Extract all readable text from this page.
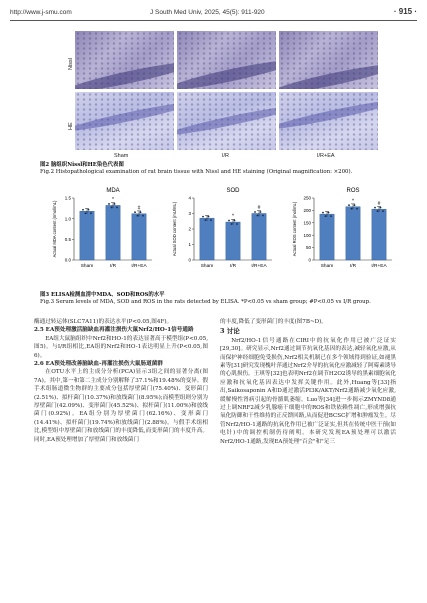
http://www.j-smu.com	J South Med Univ, 2025, 45(5): 911-920	· 915 ·
Nissl
HE
Sham	I/R	I/R+EA
图2 脑组织Nissl和HE染色代表图
Fig.2 Histopathological examination of rat brain tissue with Nissl and HE staining (Original magnification: ×200).
MDA
Actual MDA content (nmol/mL)
0.0
0.5
1.0
1.5
Sham
*
I/R
#
I/R+EA
SOD
Actual SOD content (mU/mL)
0
1
2
3
4
Sham
*
I/R
#
I/R+EA
ROS
Actual ROS content (mol/mL)
0
50
100
150
200
250
Sham
*
I/R
#
I/R+EA
图3 ELISA检测血清中MDA、SOD和ROS的水平
Fig.3 Serum levels of MDA, SOD and ROS in the rats detected by ELISA. *P<0.05 vs sham group; #P<0.05 vs I/R group.

酶通过转运体(SLC7A11)的表达水平(P<0.05,图4F)。

2.5 EA预处理激活脑缺血再灌注损伤大鼠Nrf2/HO-1信号通路

EA组大鼠脑组织中Nrf2和HO-1的表达显著高于模型组(P<0.05,图5)。与I/R组相比,EA组的Nrf2和HO-1表达明显上升(P<0.05,图6)。

2.6 EA预处理改善脑缺血-再灌注损伤大鼠肠道菌群

在OTU水平上的主成分分析(PCA)显示3组之间的显著分离(图7A)。其中,第一和第二主成分分别解释了37.1%和19.48%的变异。假手术组肠道微生物群的主要成分包括厚壁菌门(75.40%)、变形菌门(2.51%)、拟杆菌门(10.37%)和放线菌门(8.95%);而模型组则分别为厚壁菌门(42.09%)、变形菌门(45.52%)、拟杆菌门(11.00%)和放线菌门(0.92%)。EA组分别为厚壁菌门(62.16%)、变形菌门(14.41%)、拟杆菌门(19.74%)和放线菌门(2.88%)。与假手术组相比,模型组中厚壁菌门和放线菌门的丰度降低,而变形菌门的丰度升高。同时,EA预处理增加了厚壁菌门和放线菌门

的丰度,降低了变形菌门的丰度(图7B~D)。

3 讨论

Nrf2/HO-1信号通路在CIRI中的抗氧化作用已被广泛证实[29,30]。研究显示,Nrf2通过调节抗氧化基因的表达,减轻氧化应激,从而保护神经细胞免受损伤,Nrf2相关机制已在多个领域得到验证,如褪黑素等[31]研究发现槐叶萍通过Nrf2介导的抗氧化应激减轻了阿霉素诱导的心肌损伤。王琪等[32]也表明Nrf2在调节H2O2诱导的黑素细胞氧化应激和抗氧化基因表达中发挥关键作用。此外,Huang等[33]指出,Saikosaponin A和D通过激活PI3K/AKT/Nrf2通路减少氧化应激,缓解慢性肾病引起的骨骼肌萎缩。Luo等[34]进一步揭示ZMYND8通过上调NRF2减少乳腺癌干细胞中的ROS和铁依赖性凋亡,形成增强抗氧化防御和干性维持的正反馈回路,从而促进BCSC扩增和肿瘤发生。尽管Nrf2/HO-1通路的抗氧化作用已被广泛证实,但其在传统中医干预(如电针)中的调控机制仍待阐明。本研究发现EA预处理可以激活Nrf2/HO-1通路,发现EA预处理"百会"和"足三
